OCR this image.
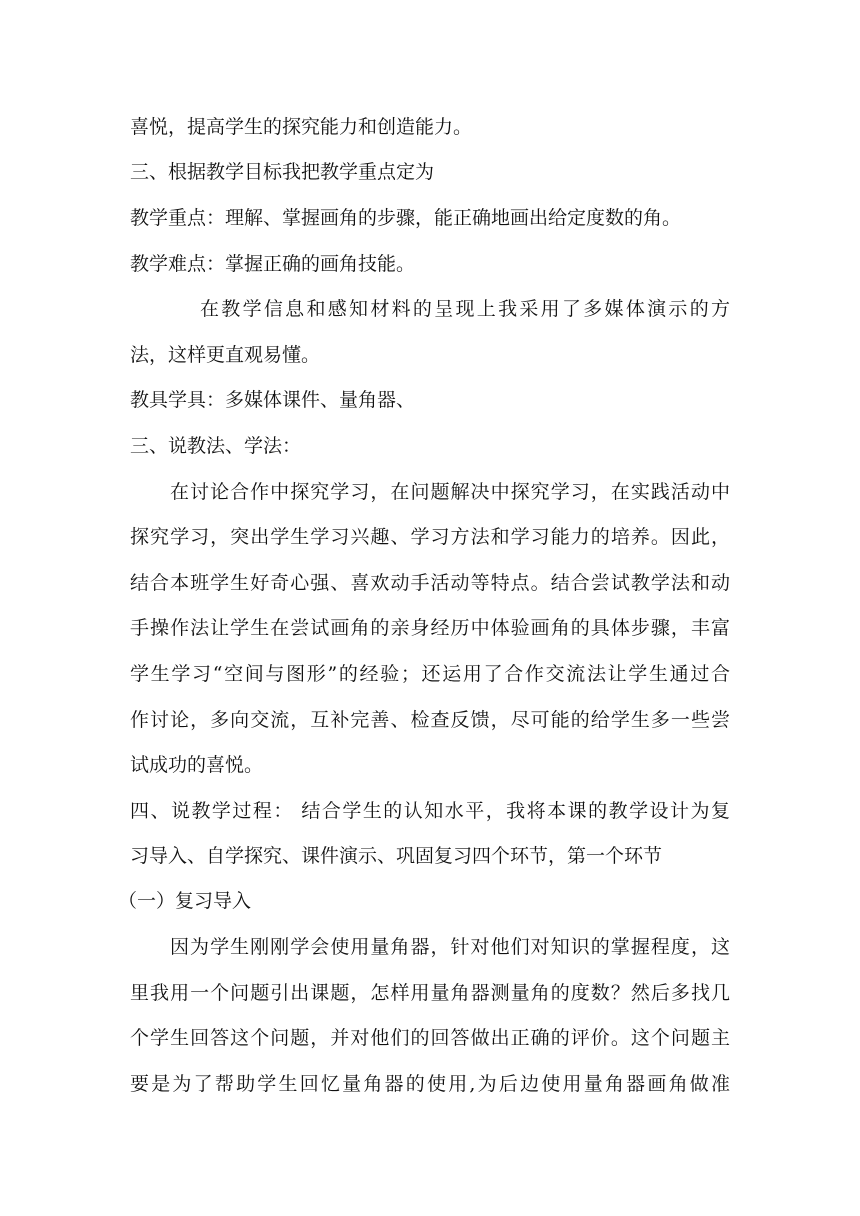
喜悦，提高学生的探究能力和创造能力。
三、根据教学目标我把教学重点定为
教学重点：理解、掌握画角的步骤，能正确地画出给定度数的角。
教学难点：掌握正确的画角技能。
在教学信息和感知材料的呈现上我采用了多媒体演示的方
法，这样更直观易懂。
教具学具：多媒体课件、量角器、
三、说教法、学法：
在讨论合作中探究学习，在问题解决中探究学习，在实践活动中
探究学习，突出学生学习兴趣、学习方法和学习能力的培养。因此，
结合本班学生好奇心强、喜欢动手活动等特点。结合尝试教学法和动
手操作法让学生在尝试画角的亲身经历中体验画角的具体步骤，丰富
学生学习“空间与图形”的经验；还运用了合作交流法让学生通过合
作讨论，多向交流，互补完善、检查反馈，尽可能的给学生多一些尝
试成功的喜悦。
四、说教学过程： 结合学生的认知水平，我将本课的教学设计为复
习导入、自学探究、课件演示、巩固复习四个环节，第一个环节
（一）复习导入
因为学生刚刚学会使用量角器，针对他们对知识的掌握程度，这
里我用一个问题引出课题，怎样用量角器测量角的度数？然后多找几
个学生回答这个问题，并对他们的回答做出正确的评价。这个问题主
要是为了帮助学生回忆量角器的使用,为后边使用量角器画角做准
